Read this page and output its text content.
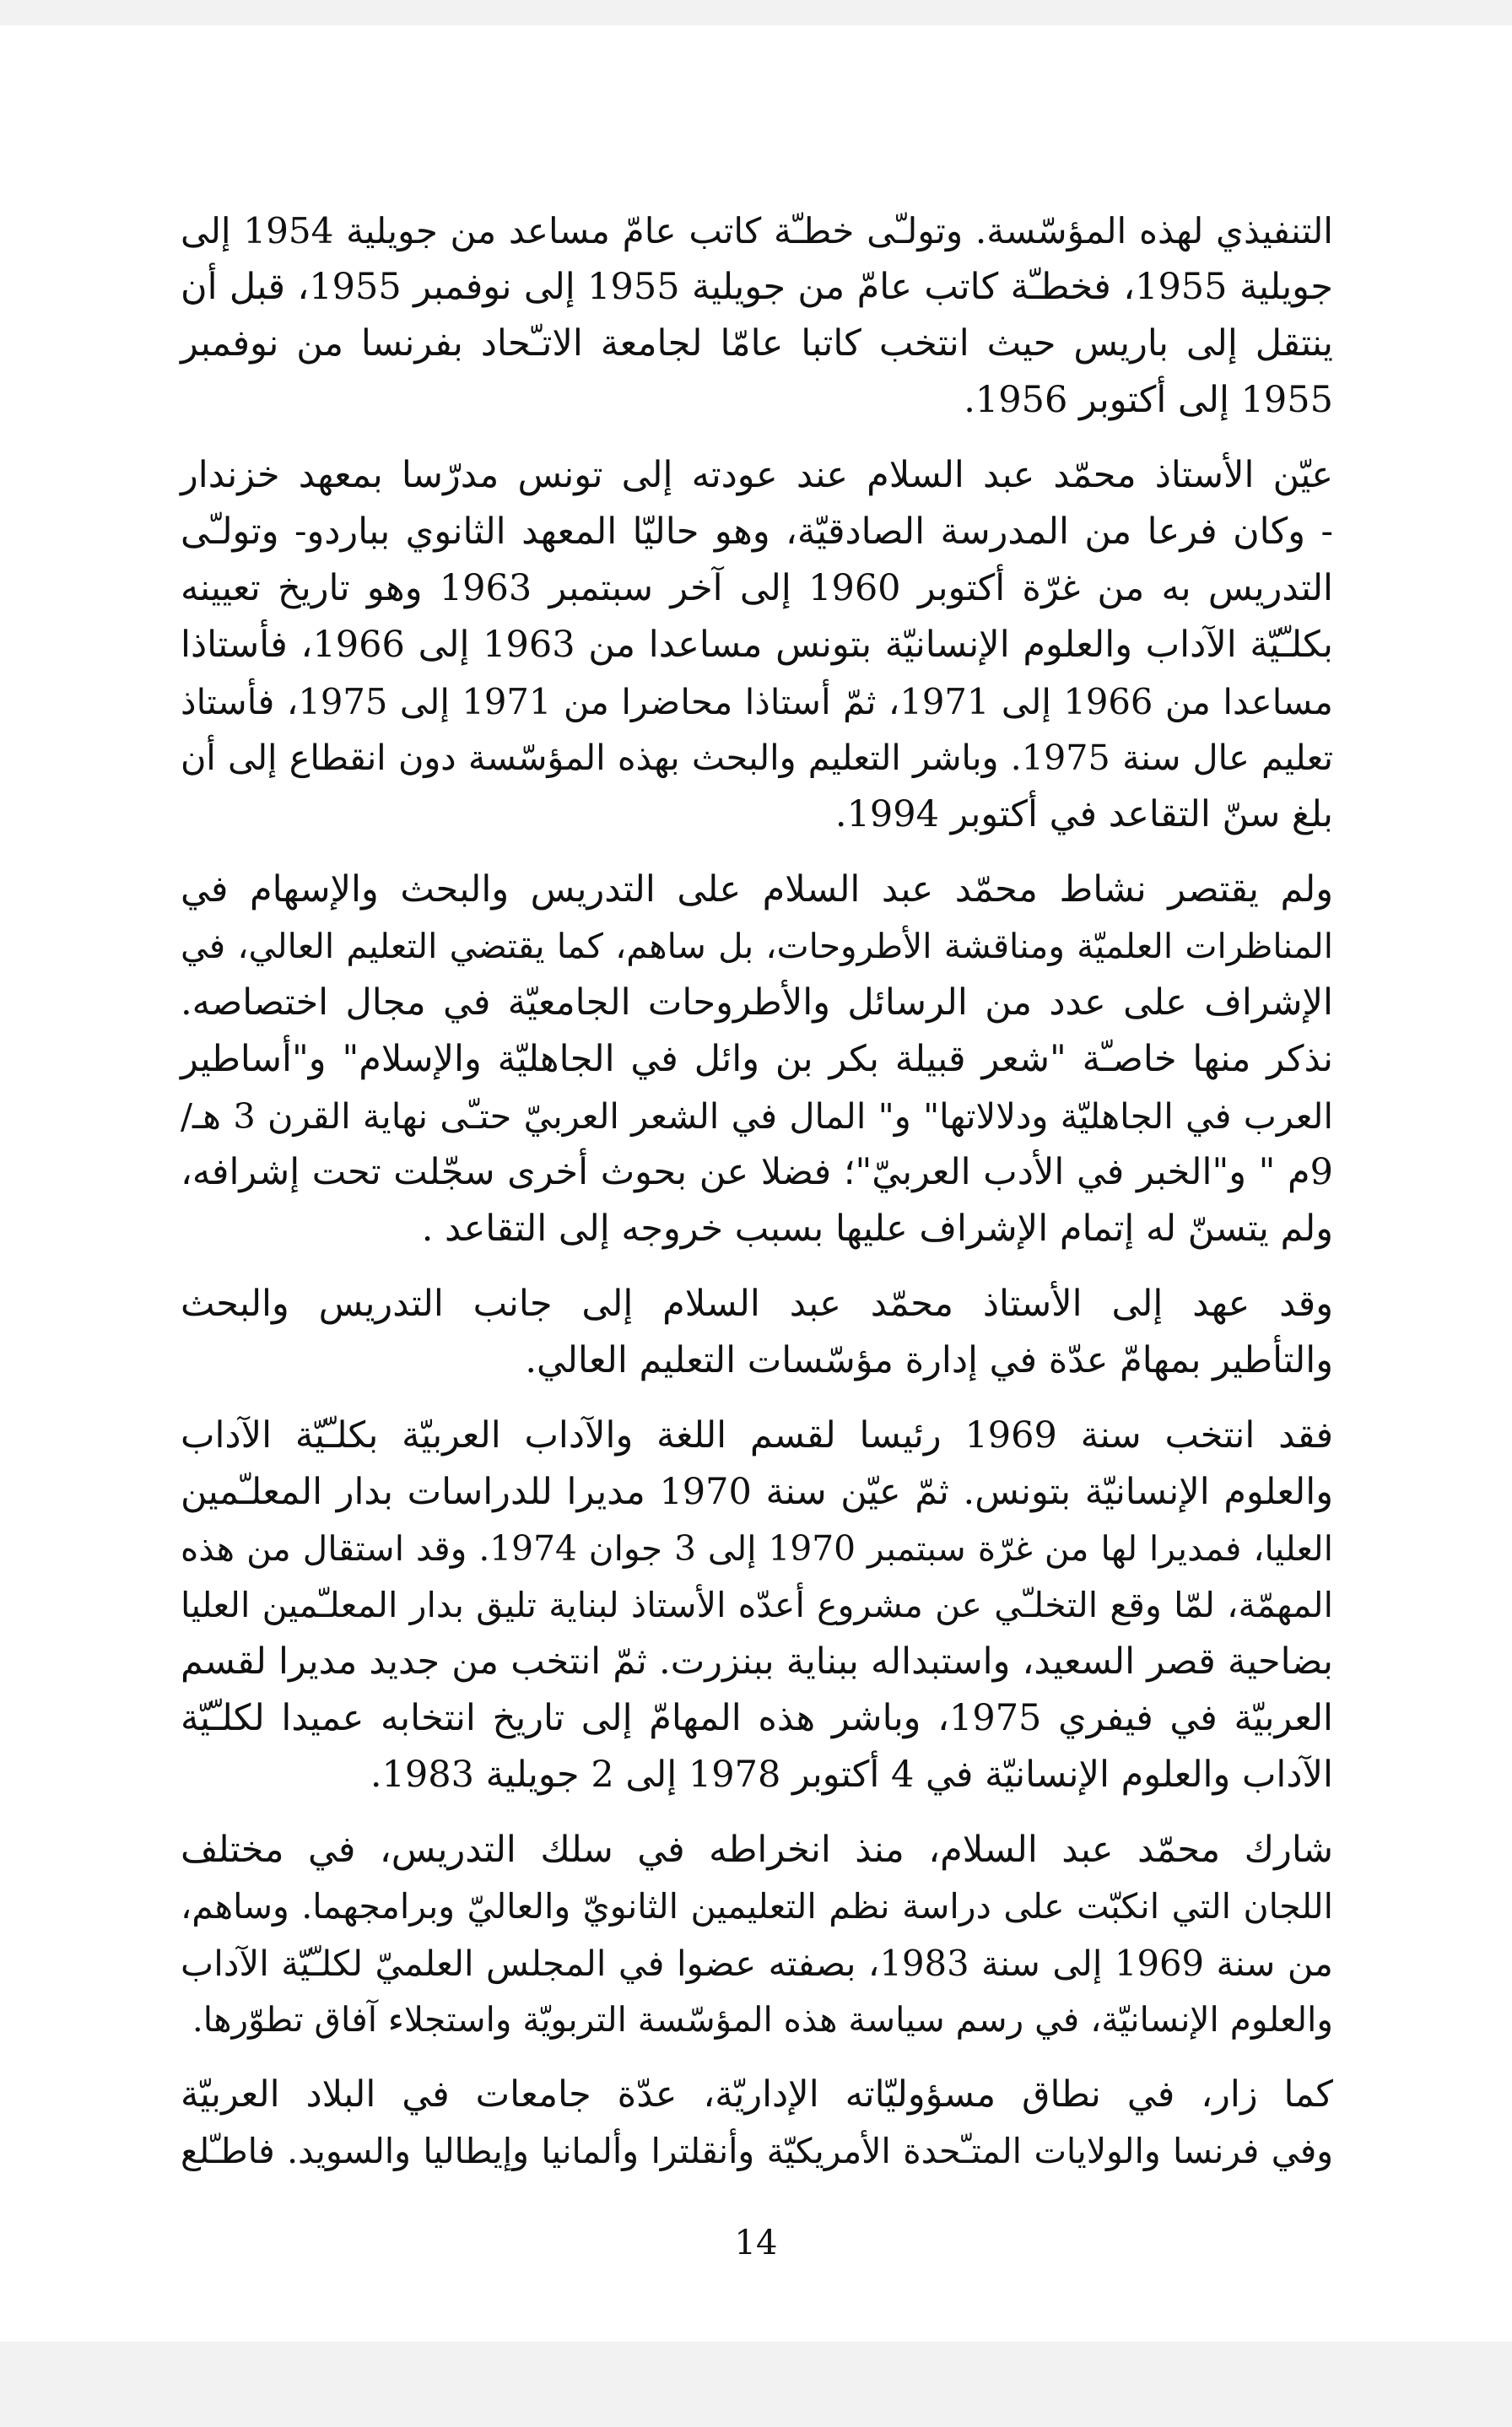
التنفيذي لهذه المؤسّسة. وتولـّى خطـّة كاتب عامّ مساعد من جويلية 1954 إلى
جويلية 1955، فخطـّة كاتب عامّ من جويلية 1955 إلى نوفمبر 1955، قبل أن
ينتقل إلى باريس حيث انتخب كاتبا عامّا لجامعة الاتـّحاد بفرنسا من نوفمبر
1955 إلى أكتوبر 1956.
عيّن الأستاذ محمّد عبد السلام عند عودته إلى تونس مدرّسا بمعهد خزندار
- وكان فرعا من المدرسة الصادقيّة، وهو حاليّا المعهد الثانوي بباردو- وتولـّى
التدريس به من غرّة أكتوبر 1960 إلى آخر سبتمبر 1963 وهو تاريخ تعيينه
بكلـّيّة الآداب والعلوم الإنسانيّة بتونس مساعدا من 1963 إلى 1966، فأستاذا
مساعدا من 1966 إلى 1971، ثمّ أستاذا محاضرا من 1971 إلى 1975، فأستاذ
تعليم عال سنة 1975. وباشر التعليم والبحث بهذه المؤسّسة دون انقطاع إلى أن
بلغ سنّ التقاعد في أكتوبر 1994.
ولم يقتصر نشاط محمّد عبد السلام على التدريس والبحث والإسهام في
المناظرات العلميّة ومناقشة الأطروحات، بل ساهم، كما يقتضي التعليم العالي، في
الإشراف على عدد من الرسائل والأطروحات الجامعيّة في مجال اختصاصه.
نذكر منها خاصـّة "شعر قبيلة بكر بن وائل في الجاهليّة والإسلام" و"أساطير
العرب في الجاهليّة ودلالاتها" و" المال في الشعر العربيّ حتـّى نهاية القرن 3 هـ/
9م " و"الخبر في الأدب العربيّ"؛ فضلا عن بحوث أخرى سجّلت تحت إشرافه،
ولم يتسنّ له إتمام الإشراف عليها بسبب خروجه إلى التقاعد .
وقد عهد إلى الأستاذ محمّد عبد السلام إلى جانب التدريس والبحث
والتأطير بمهامّ عدّة في إدارة مؤسّسات التعليم العالي.
فقد انتخب سنة 1969 رئيسا لقسم اللغة والآداب العربيّة بكلـّيّة الآداب
والعلوم الإنسانيّة بتونس. ثمّ عيّن سنة 1970 مديرا للدراسات بدار المعلـّمين
العليا، فمديرا لها من غرّة سبتمبر 1970 إلى 3 جوان 1974. وقد استقال من هذه
المهمّة، لمّا وقع التخلـّي عن مشروع أعدّه الأستاذ لبناية تليق بدار المعلـّمين العليا
بضاحية قصر السعيد، واستبداله ببناية ببنزرت. ثمّ انتخب من جديد مديرا لقسم
العربيّة في فيفري 1975، وباشر هذه المهامّ إلى تاريخ انتخابه عميدا لكلـّيّة
الآداب والعلوم الإنسانيّة في 4 أكتوبر 1978 إلى 2 جويلية 1983.
شارك محمّد عبد السلام، منذ انخراطه في سلك التدريس، في مختلف
اللجان التي انكبّت على دراسة نظم التعليمين الثانويّ والعاليّ وبرامجهما. وساهم،
من سنة 1969 إلى سنة 1983، بصفته عضوا في المجلس العلميّ لكلـّيّة الآداب
والعلوم الإنسانيّة، في رسم سياسة هذه المؤسّسة التربويّة واستجلاء آفاق تطوّرها.
كما زار، في نطاق مسؤوليّاته الإداريّة، عدّة جامعات في البلاد العربيّة
وفي فرنسا والولايات المتـّحدة الأمريكيّة وأنقلترا وألمانيا وإيطاليا والسويد. فاطـّلع
14
